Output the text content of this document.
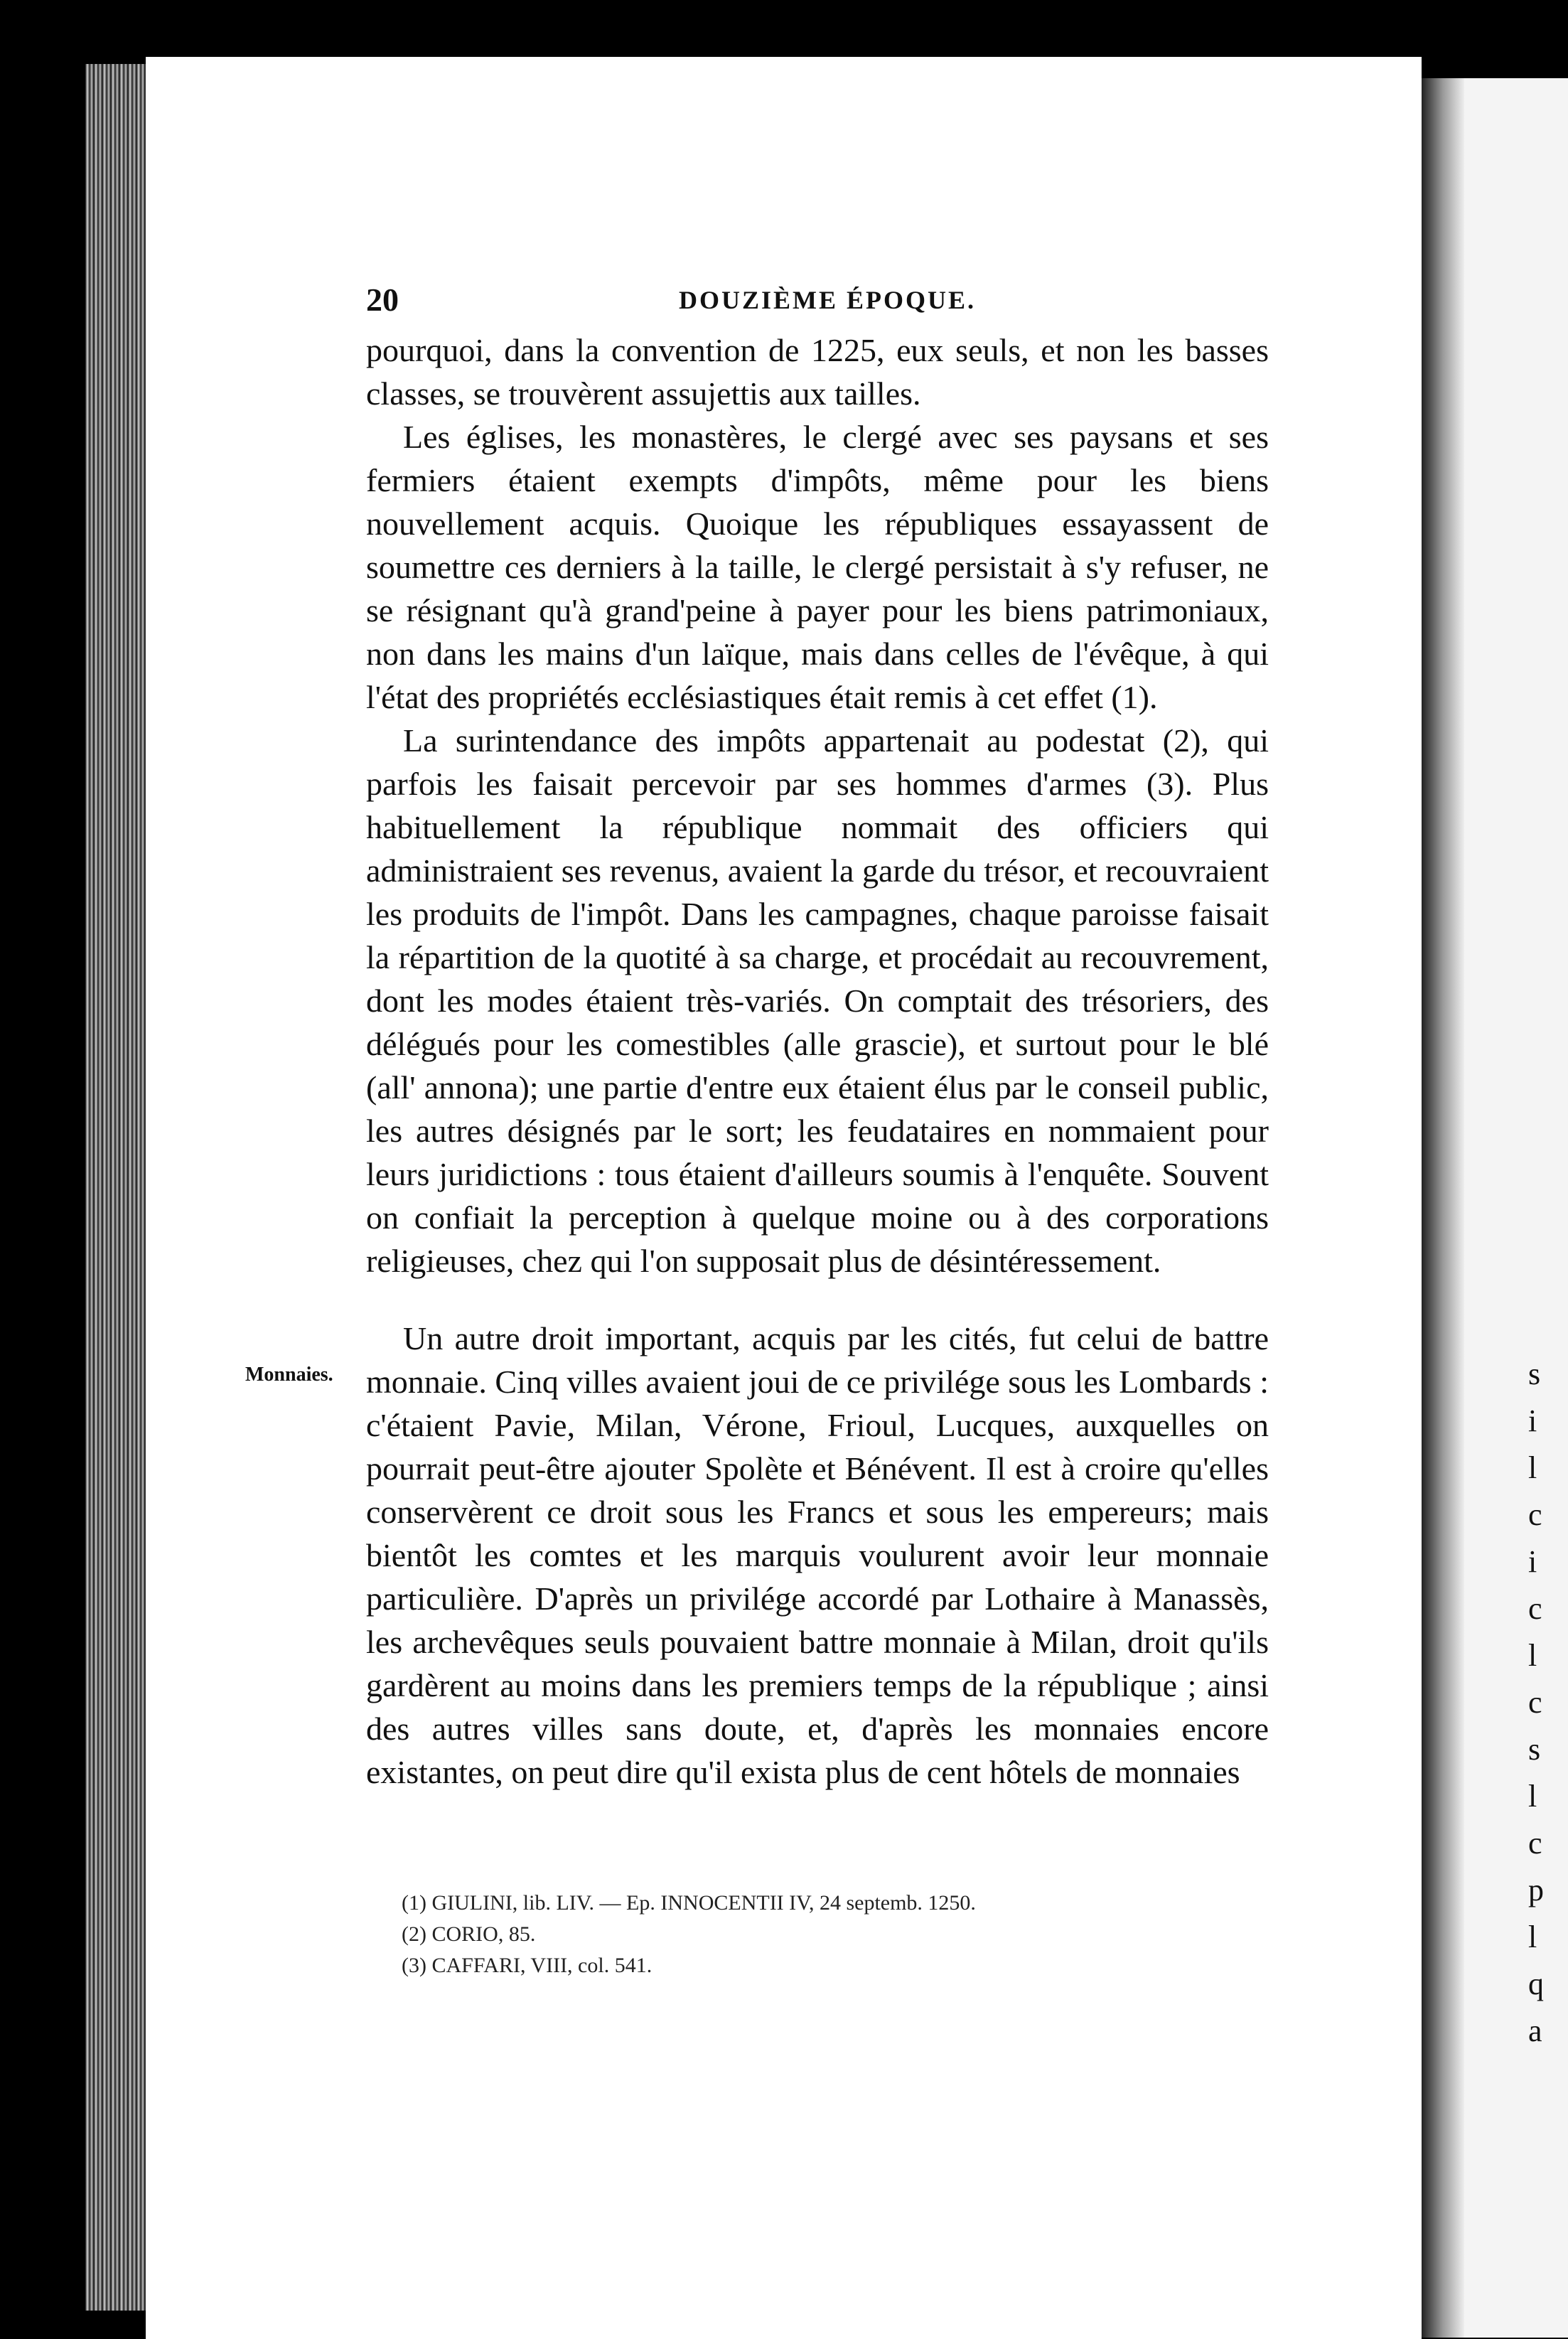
s
i
l
c
i
c
l
c
s
l
c
p
l
q
a
20	DOUZIÈME ÉPOQUE.

pourquoi, dans la convention de 1225, eux seuls, et non les basses classes, se trouvèrent assujettis aux tailles.

Les églises, les monastères, le clergé avec ses paysans et ses fermiers étaient exempts d'impôts, même pour les biens nouvellement acquis. Quoique les républiques essayassent de soumettre ces derniers à la taille, le clergé persistait à s'y refuser, ne se résignant qu'à grand'peine à payer pour les biens patrimoniaux, non dans les mains d'un laïque, mais dans celles de l'évêque, à qui l'état des propriétés ecclésiastiques était remis à cet effet (1).

La surintendance des impôts appartenait au podestat (2), qui parfois les faisait percevoir par ses hommes d'armes (3). Plus habituellement la république nommait des officiers qui administraient ses revenus, avaient la garde du trésor, et recouvraient les produits de l'impôt. Dans les campagnes, chaque paroisse faisait la répartition de la quotité à sa charge, et procédait au recouvrement, dont les modes étaient très-variés. On comptait des trésoriers, des délégués pour les comestibles (alle grascie), et surtout pour le blé (all' annona); une partie d'entre eux étaient élus par le conseil public, les autres désignés par le sort; les feudataires en nommaient pour leurs juridictions : tous étaient d'ailleurs soumis à l'enquête. Souvent on confiait la perception à quelque moine ou à des corporations religieuses, chez qui l'on supposait plus de désintéressement.

Un autre droit important, acquis par les cités, fut celui de battre monnaie. Cinq villes avaient joui de ce privilége sous les Lombards : c'étaient Pavie, Milan, Vérone, Frioul, Lucques, auxquelles on pourrait peut-être ajouter Spolète et Bénévent. Il est à croire qu'elles conservèrent ce droit sous les Francs et sous les empereurs; mais bientôt les comtes et les marquis voulurent avoir leur monnaie particulière. D'après un privilége accordé par Lothaire à Manassès, les archevêques seuls pouvaient battre monnaie à Milan, droit qu'ils gardèrent au moins dans les premiers temps de la république ; ainsi des autres villes sans doute, et, d'après les monnaies encore existantes, on peut dire qu'il exista plus de cent hôtels de monnaies

Monnaies.
(1) GIULINI, lib. LIV. — Ep. INNOCENTII IV, 24 septemb. 1250.
(2) CORIO, 85.
(3) CAFFARI, VIII, col. 541.
